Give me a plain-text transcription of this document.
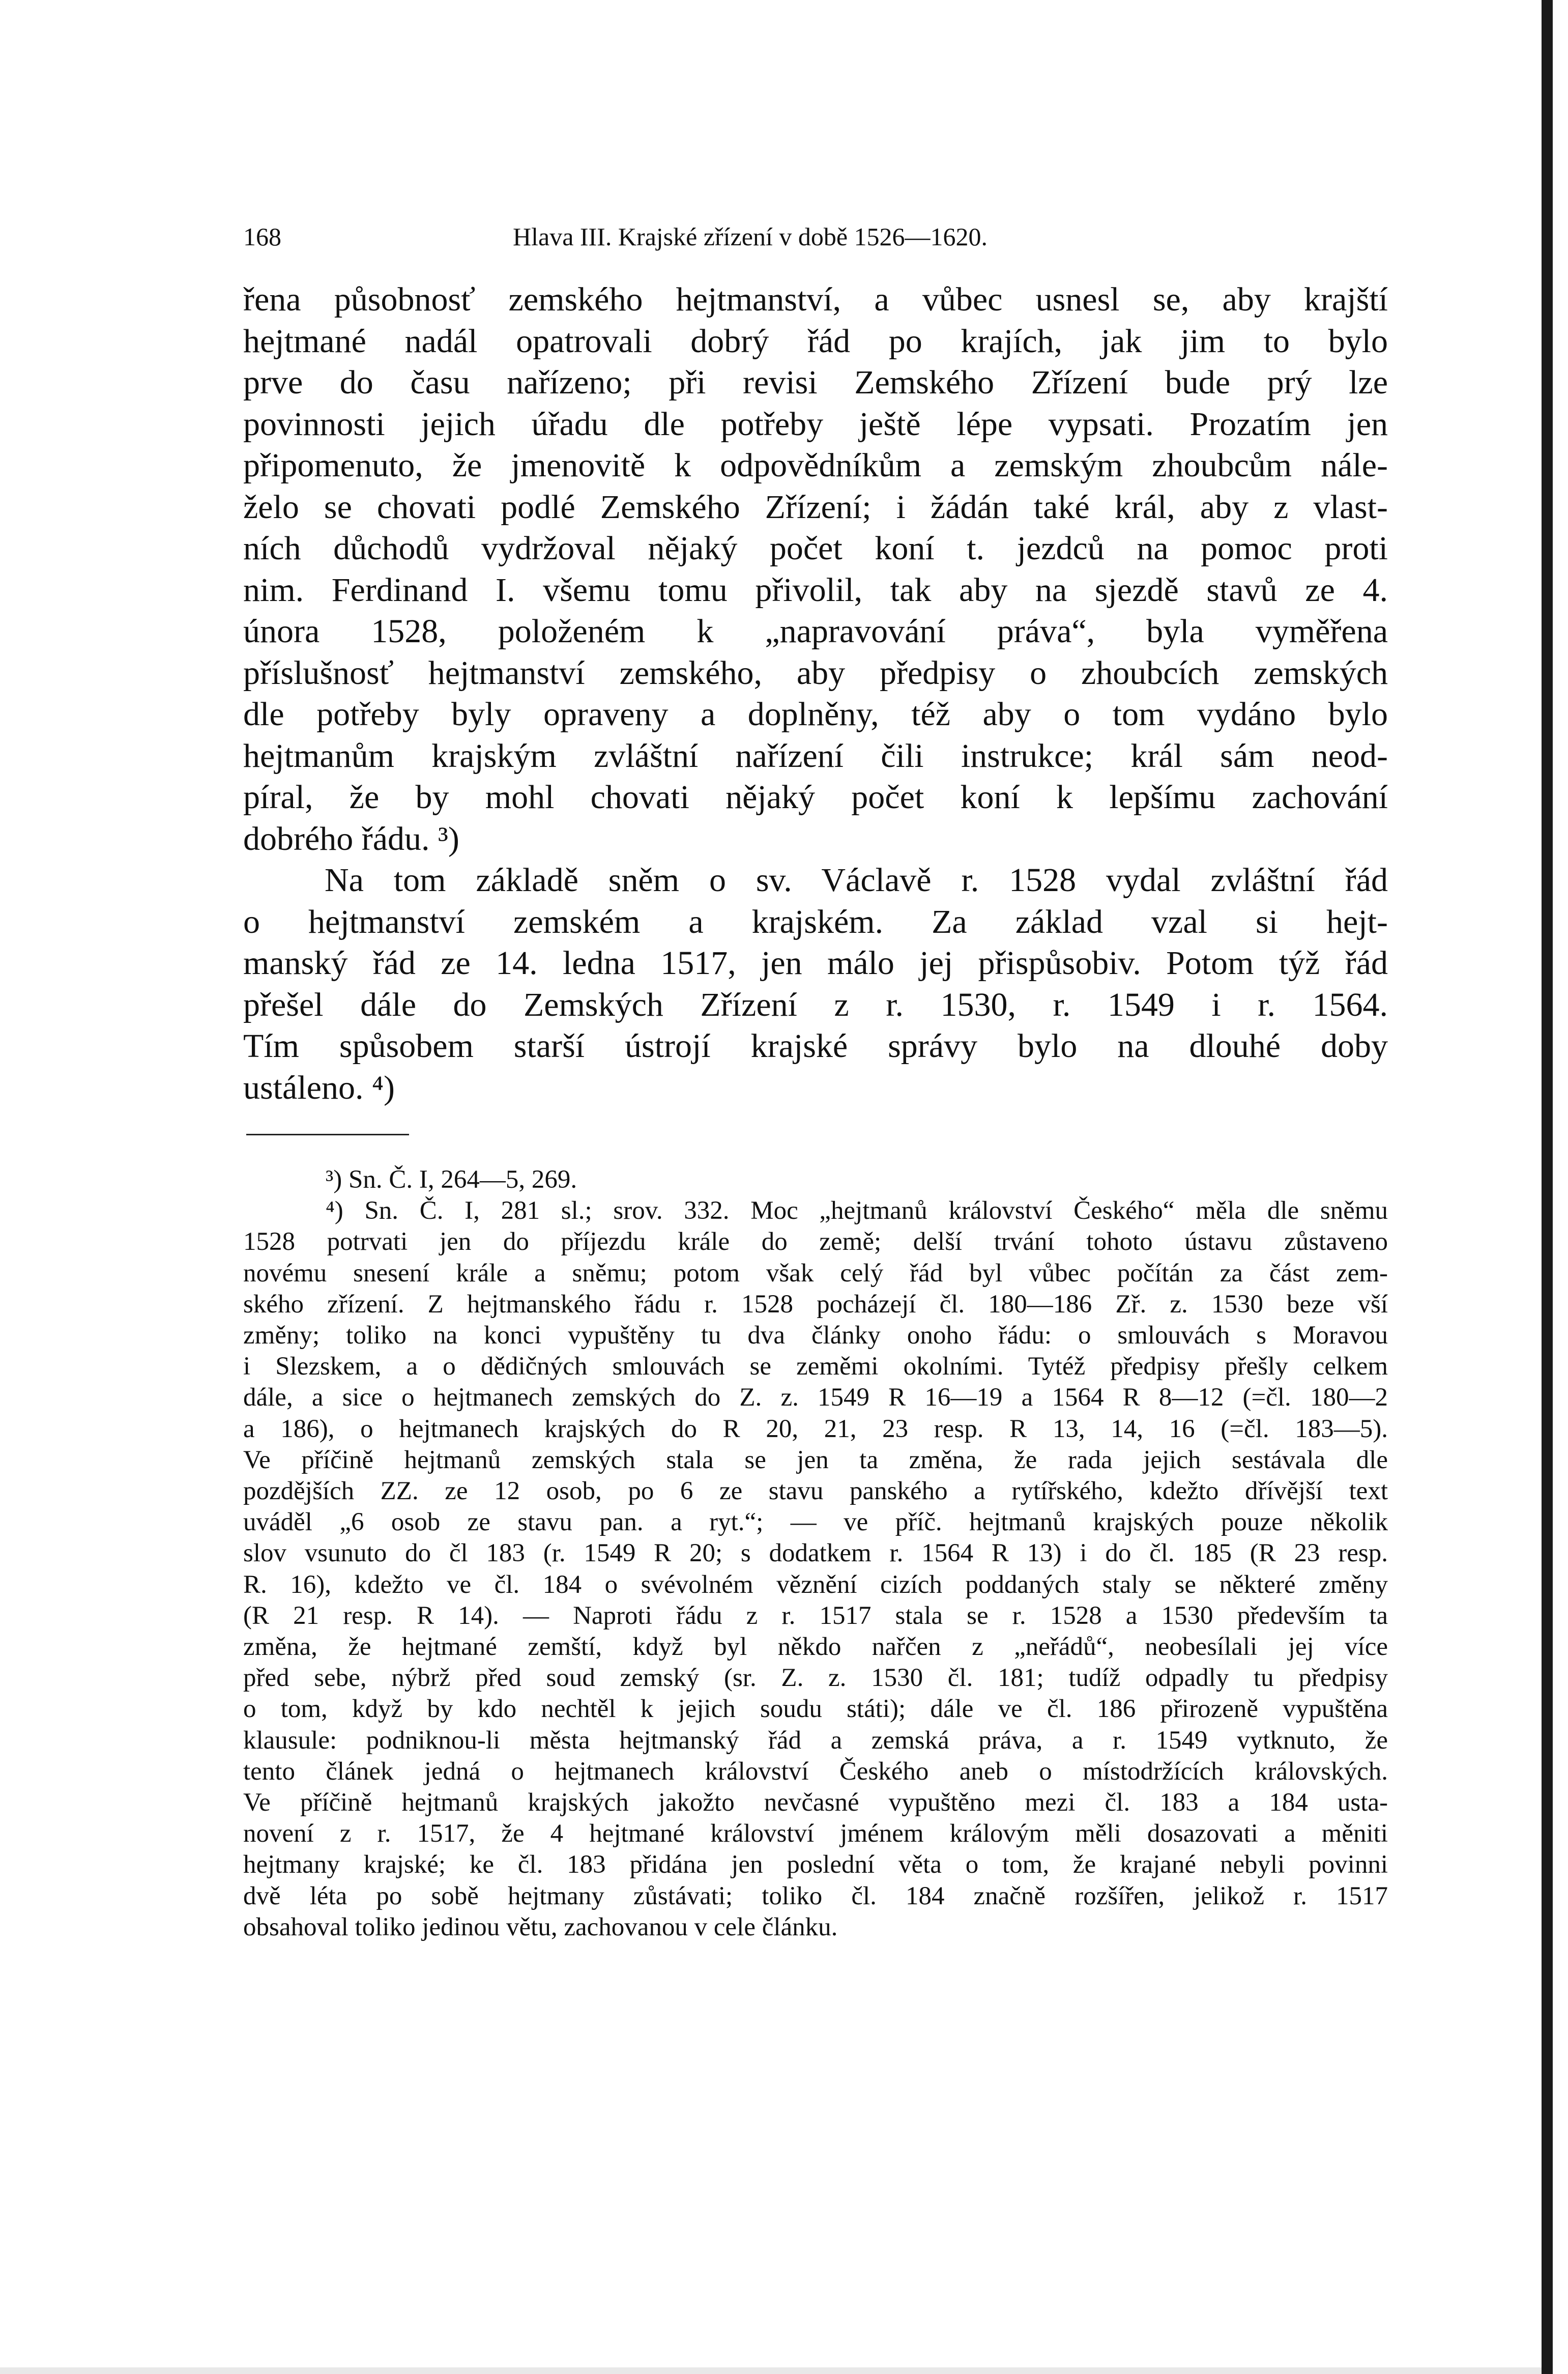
168	Hlava III. Krajské zřízení v době 1526—1620.
řena působnosť zemského hejtmanství, a vůbec usnesl se, aby krajští
hejtmané nadál opatrovali dobrý řád po krajích, jak jim to bylo
prve do času nařízeno; při revisi Zemského Zřízení bude prý lze
povinnosti jejich úřadu dle potřeby ještě lépe vypsati. Prozatím jen
připomenuto, že jmenovitě k odpovědníkům a zemským zhoubcům nále-
želo se chovati podlé Zemského Zřízení; i žádán také král, aby z vlast-
ních důchodů vydržoval nějaký počet koní t. jezdců na pomoc proti
nim. Ferdinand I. všemu tomu přivolil, tak aby na sjezdě stavů ze 4.
února 1528, položeném k „napravování práva“, byla vyměřena
příslušnosť hejtmanství zemského, aby předpisy o zhoubcích zemských
dle potřeby byly opraveny a doplněny, též aby o tom vydáno bylo
hejtmanům krajským zvláštní nařízení čili instrukce; král sám neod-
píral, že by mohl chovati nějaký počet koní k lepšímu zachování
dobrého řádu. ³)
Na tom základě sněm o sv. Václavě r. 1528 vydal zvláštní řád
o hejtmanství zemském a krajském. Za základ vzal si hejt-
manský řád ze 14. ledna 1517, jen málo jej přispůsobiv. Potom týž řád
přešel dále do Zemských Zřízení z r. 1530, r. 1549 i r. 1564.
Tím spůsobem starší ústrojí krajské správy bylo na dlouhé doby
ustáleno. ⁴)
³) Sn. Č. I, 264—5, 269.
⁴) Sn. Č. I, 281 sl.; srov. 332. Moc „hejtmanů království Českého“ měla dle sněmu
1528 potrvati jen do příjezdu krále do země; delší trvání tohoto ústavu zůstaveno
novému snesení krále a sněmu; potom však celý řád byl vůbec počítán za část zem-
ského zřízení. Z hejtmanského řádu r. 1528 pocházejí čl. 180—186 Zř. z. 1530 beze vší
změny; toliko na konci vypuštěny tu dva články onoho řádu: o smlouvách s Moravou
i Slezskem, a o dědičných smlouvách se zeměmi okolními. Tytéž předpisy přešly celkem
dále, a sice o hejtmanech zemských do Z. z. 1549 R 16—19 a 1564 R 8—12 (=čl. 180—2
a 186), o hejtmanech krajských do R 20, 21, 23 resp. R 13, 14, 16 (=čl. 183—5).
Ve příčině hejtmanů zemských stala se jen ta změna, že rada jejich sestávala dle
pozdějších ZZ. ze 12 osob, po 6 ze stavu panského a rytířského, kdežto dřívější text
uváděl „6 osob ze stavu pan. a ryt.“; — ve příč. hejtmanů krajských pouze několik
slov vsunuto do čl 183 (r. 1549 R 20; s dodatkem r. 1564 R 13) i do čl. 185 (R 23 resp.
R. 16), kdežto ve čl. 184 o svévolném věznění cizích poddaných staly se některé změny
(R 21 resp. R 14). — Naproti řádu z r. 1517 stala se r. 1528 a 1530 především ta
změna, že hejtmané zemští, když byl někdo nařčen z „neřádů“, neobesílali jej více
před sebe, nýbrž před soud zemský (sr. Z. z. 1530 čl. 181; tudíž odpadly tu předpisy
o tom, když by kdo nechtěl k jejich soudu státi); dále ve čl. 186 přirozeně vypuštěna
klausule: podniknou-li města hejtmanský řád a zemská práva, a r. 1549 vytknuto, že
tento článek jedná o hejtmanech království Českého aneb o místodržících královských.
Ve příčině hejtmanů krajských jakožto nevčasné vypuštěno mezi čl. 183 a 184 usta-
novení z r. 1517, že 4 hejtmané království jménem královým měli dosazovati a měniti
hejtmany krajské; ke čl. 183 přidána jen poslední věta o tom, že krajané nebyli povinni
dvě léta po sobě hejtmany zůstávati; toliko čl. 184 značně rozšířen, jelikož r. 1517
obsahoval toliko jedinou větu, zachovanou v cele článku.
